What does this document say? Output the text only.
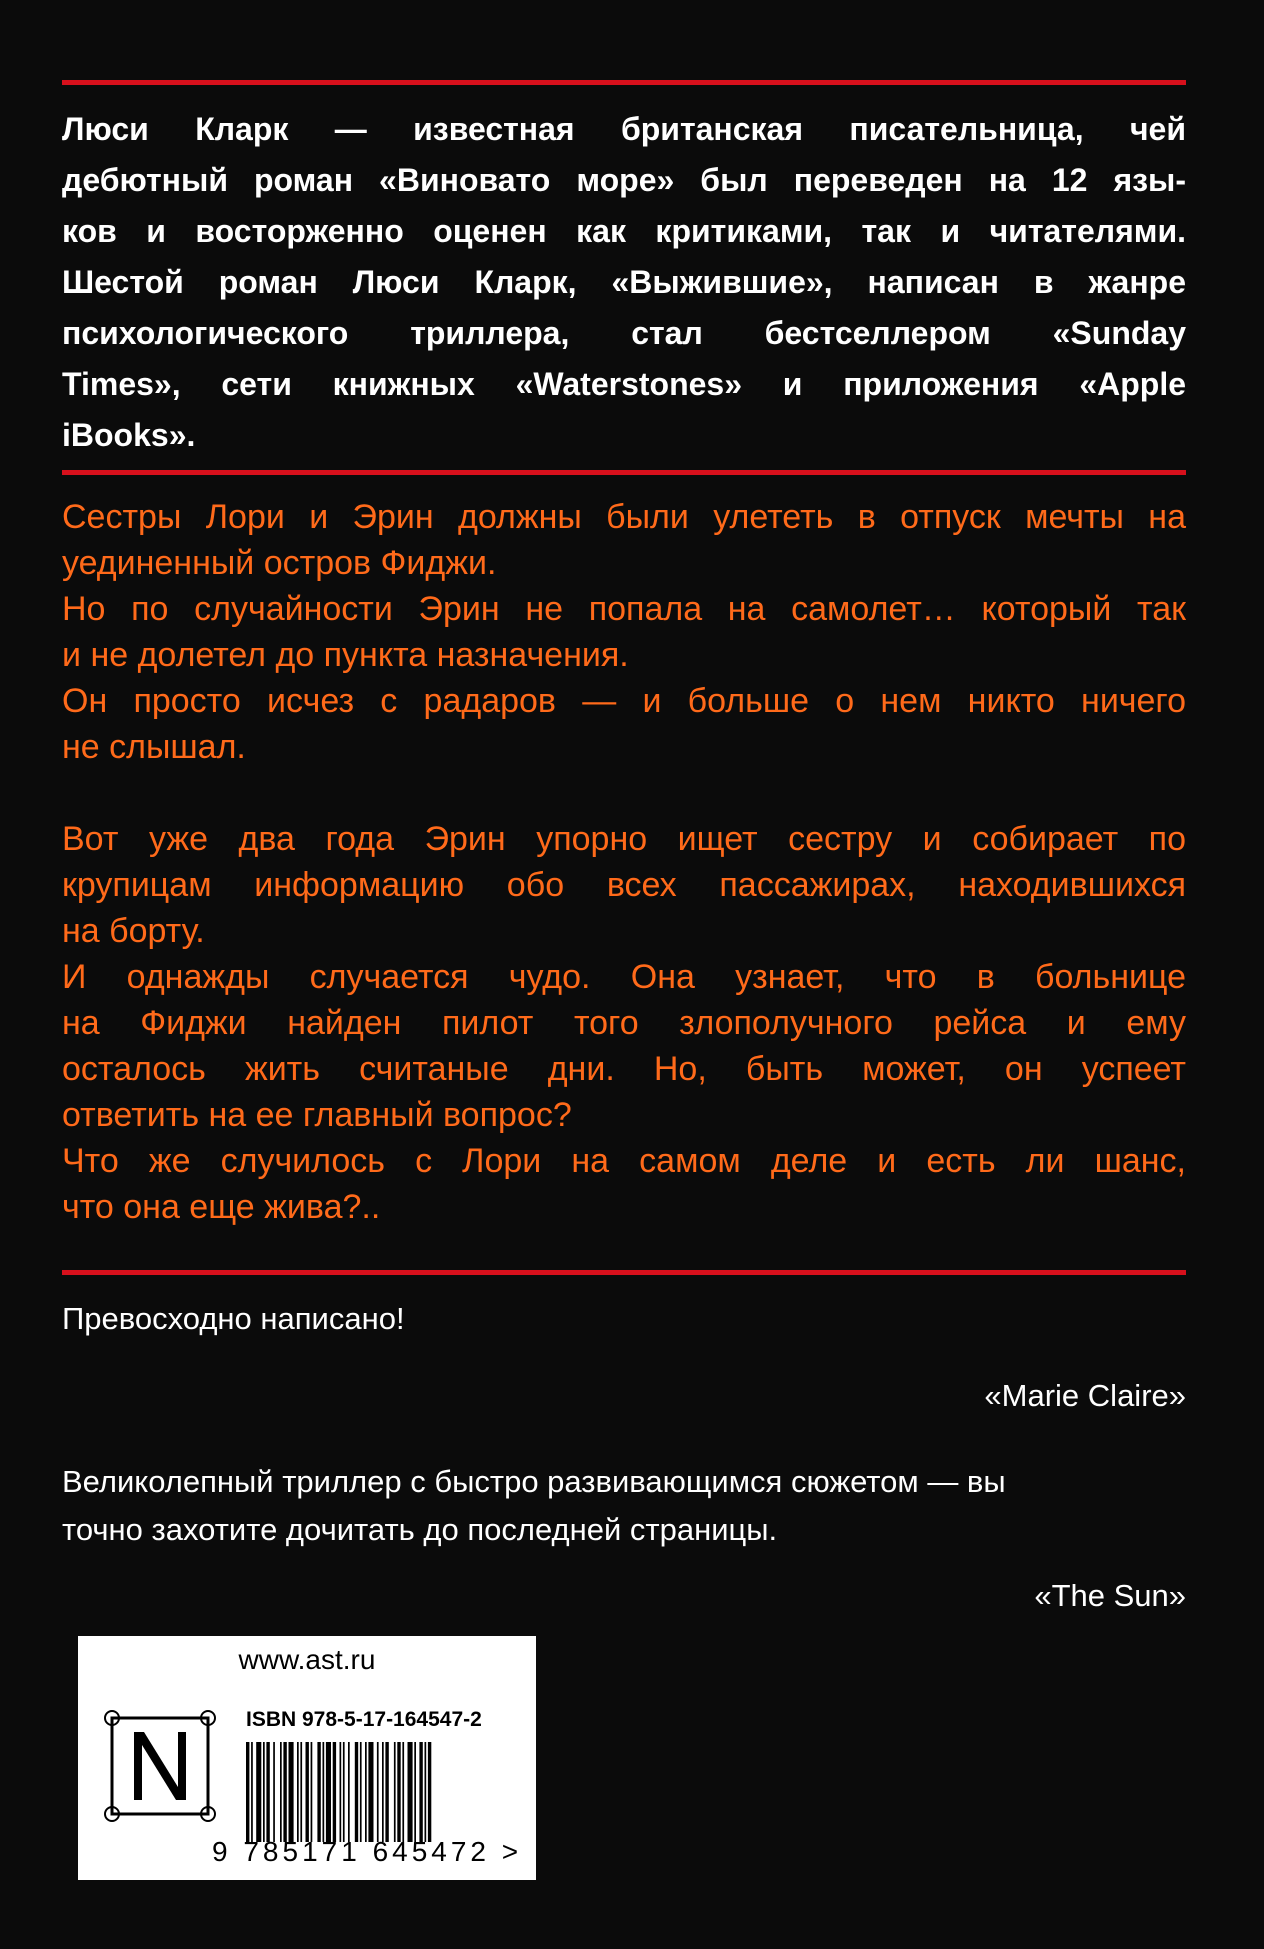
Люси Кларк — известная британская писательница, чей
дебютный роман «Виновато море» был переведен на 12 язы-
ков и восторженно оценен как критиками, так и читателями.
Шестой роман Люси Кларк, «Выжившие», написан в жанре
психологического триллера, стал бестселлером «Sunday
Times», сети книжных «Waterstones» и приложения «Apple
iBooks».
Сестры Лори и Эрин должны были улететь в отпуск мечты на
уединенный остров Фиджи.
Но по случайности Эрин не попала на самолет… который так
и не долетел до пункта назначения.
Он просто исчез с радаров — и больше о нем никто ничего
не слышал.
Вот уже два года Эрин упорно ищет сестру и собирает по
крупицам информацию обо всех пассажирах, находившихся
на борту.
И однажды случается чудо. Она узнает, что в больнице
на Фиджи найден пилот того злополучного рейса и ему
осталось жить считаные дни. Но, быть может, он успеет
ответить на ее главный вопрос?
Что же случилось с Лори на самом деле и есть ли шанс,
что она еще жива?..
Превосходно написано!
«Marie Claire»
Великолепный триллер с быстро развивающимся сюжетом — вы
точно захотите дочитать до последней страницы.
«The Sun»
www.ast.ru
ISBN 978-5-17-164547-2
9 785171 645472 >
